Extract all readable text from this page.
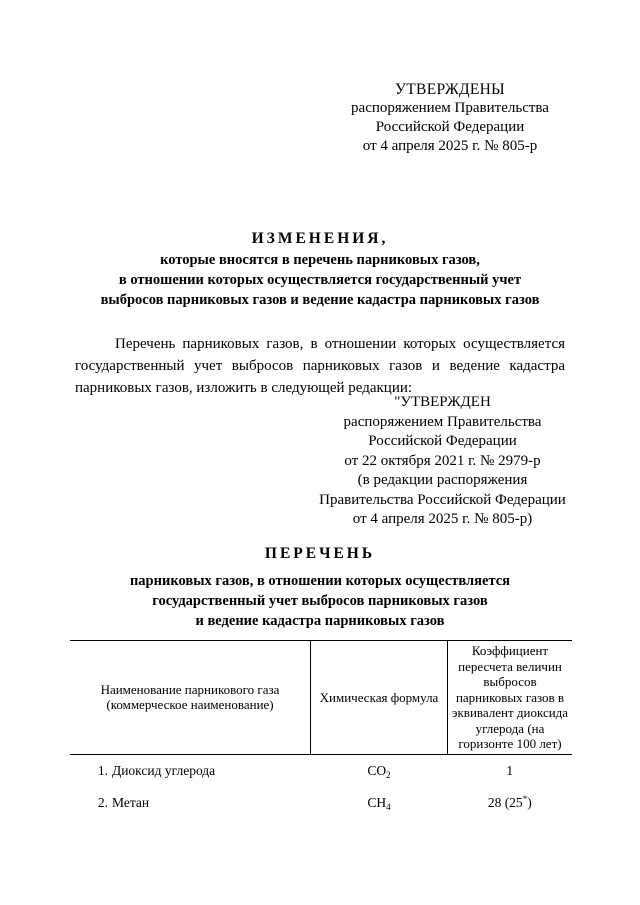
УТВЕРЖДЕНЫ
распоряжением Правительства
Российской Федерации
от 4 апреля 2025 г. № 805-р
ИЗМЕНЕНИЯ,
которые вносятся в перечень парниковых газов,
в отношении которых осуществляется государственный учет
выбросов парниковых газов и ведение кадастра парниковых газов
Перечень парниковых газов, в отношении которых осуществляется государственный учет выбросов парниковых газов и ведение кадастра парниковых газов, изложить в следующей редакции:
"УТВЕРЖДЕН
распоряжением Правительства
Российской Федерации
от 22 октября 2021 г. № 2979-р
(в редакции распоряжения
Правительства Российской Федерации
от 4 апреля 2025 г. № 805-р)
ПЕРЕЧЕНЬ
парниковых газов, в отношении которых осуществляется
государственный учет выбросов парниковых газов
и ведение кадастра парниковых газов
Наименование парникового газа (коммерческое наименование)		Химическая формула	Коэффициент пересчета величин выбросов парниковых газов в эквивалент диоксида углерода (на горизонте 100 лет)
1.	Диоксид углерода	$CO_2$	1
2.	Метан	$CH_4$	28 (25*)
